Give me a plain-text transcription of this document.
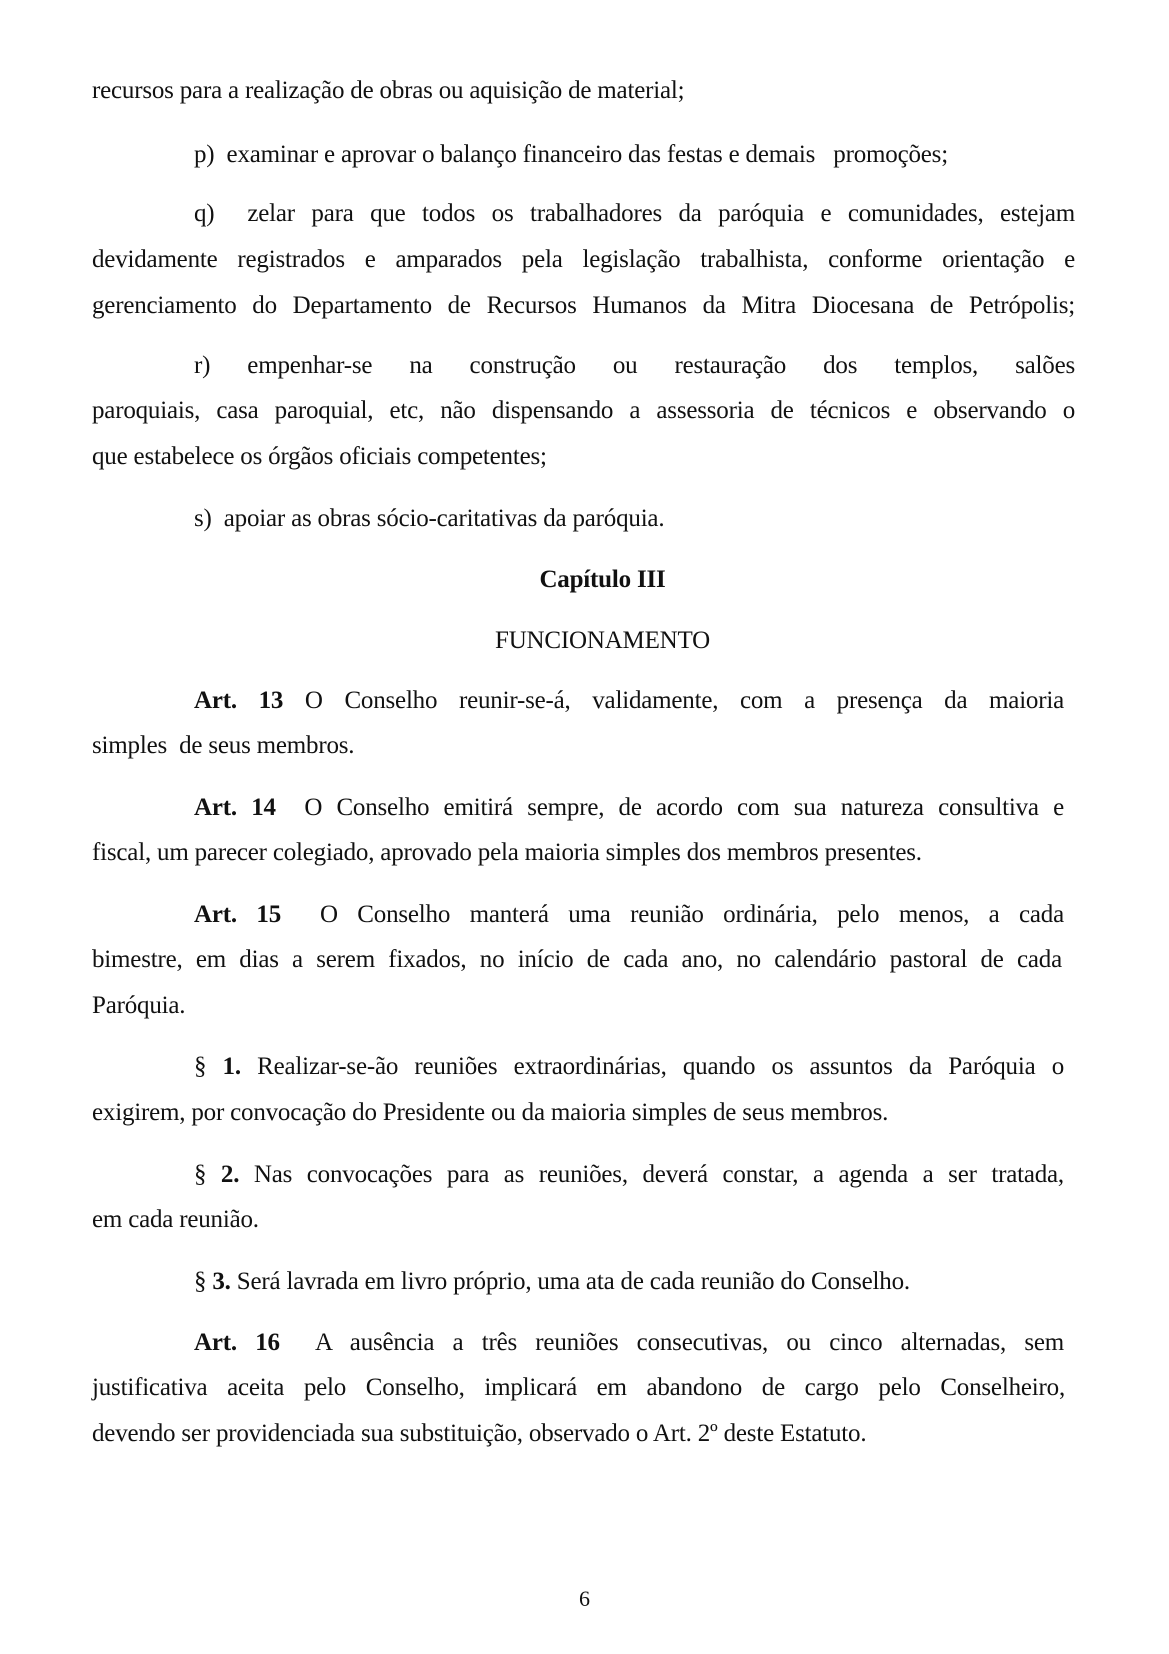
recursos para a realização de obras ou aquisição de material;
p) examinar e aprovar o balanço financeiro das festas e demais   promoções;
q) zelar para que todos os trabalhadores da paróquia e comunidades, estejam
devidamente registrados e amparados pela legislação trabalhista, conforme orientação e
gerenciamento do Departamento de Recursos Humanos da Mitra Diocesana de Petrópolis;
r) empenhar-se na construção ou restauração dos templos, salões
paroquiais, casa paroquial, etc, não dispensando a assessoria de técnicos e observando o
que estabelece os órgãos oficiais competentes;
s) apoiar as obras sócio-caritativas da paróquia.
Capítulo III
FUNCIONAMENTO
Art. 13 O Conselho reunir-se-á, validamente, com a presença da maioria
simples  de seus membros.
Art. 14 O Conselho emitirá sempre, de acordo com sua natureza consultiva e
fiscal, um parecer colegiado, aprovado pela maioria simples dos membros presentes.
Art. 15 O Conselho manterá uma reunião ordinária, pelo menos, a cada
bimestre, em dias a serem fixados, no início de cada ano, no calendário pastoral de cada
Paróquia.
§ 1. Realizar-se-ão reuniões extraordinárias, quando os assuntos da Paróquia o
exigirem, por convocação do Presidente ou da maioria simples de seus membros.
§ 2. Nas convocações para as reuniões, deverá constar, a agenda a ser tratada,
em cada reunião.
§ 3. Será lavrada em livro próprio, uma ata de cada reunião do Conselho.
Art. 16 A ausência a três reuniões consecutivas, ou cinco alternadas, sem
justificativa aceita pelo Conselho, implicará em abandono de cargo pelo Conselheiro,
devendo ser providenciada sua substituição, observado o Art. 2º deste Estatuto.
6
